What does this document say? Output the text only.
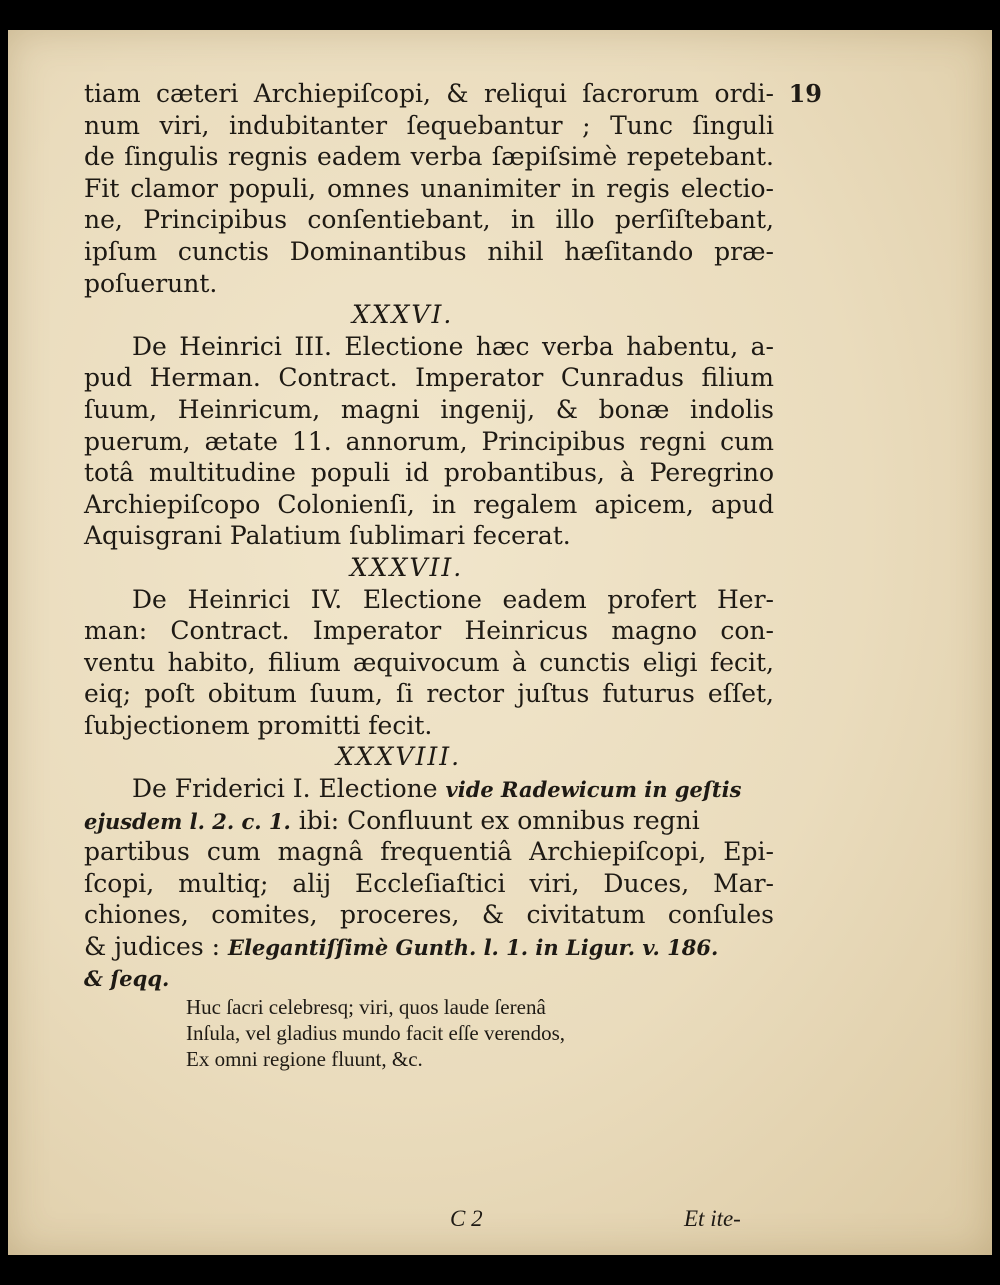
tiam cæteri Archiepiſcopi, & reliqui ſacrorum ordi- 19
num viri, indubitanter ſequebantur ; Tunc ſinguli
de ſingulis regnis eadem verba ſæpiſsimè repetebant.
Fit clamor populi, omnes unanimiter in regis electio-
ne, Principibus conſentiebant, in illo perſiſtebant,
ipſum cunctis Dominantibus nihil hæſitando præ-
poſuerunt.
XXXVI.
De Heinrici III. Electione hæc verba habentu, a-
pud Herman. Contract. Imperator Cunradus filium
ſuum, Heinricum, magni ingenij, & bonæ indolis
puerum, ætate 11. annorum, Principibus regni cum
totâ multitudine populi id probantibus, à Peregrino
Archiepiſcopo Colonienſi, in regalem apicem, apud
Aquisgrani Palatium ſublimari fecerat.
XXXVII.
De Heinrici IV. Electione eadem profert Her-
man: Contract. Imperator Heinricus magno con-
ventu habito, filium æquivocum à cunctis eligi fecit,
eiq; poſt obitum ſuum, ſi rector juſtus futurus eſſet,
ſubjectionem promitti fecit.
XXXVIII.
De Friderici I. Electione vide Radewicum in geſtis
ejusdem l. 2. c. 1. ibi: Confluunt ex omnibus regni
partibus cum magnâ frequentiâ Archiepiſcopi, Epi-
ſcopi, multiq; alij Eccleſiaſtici viri, Duces, Mar-
chiones, comites, proceres, & civitatum conſules
& judices : Elegantiſſimè Gunth. l. 1. in Ligur. v. 186.
& ſeqq.
Huc ſacri celebresq; viri, quos laude ſerenâ
Inſula, vel gladius mundo facit eſſe verendos,
Ex omni regione fluunt, &c.
C 2	Et ite-
